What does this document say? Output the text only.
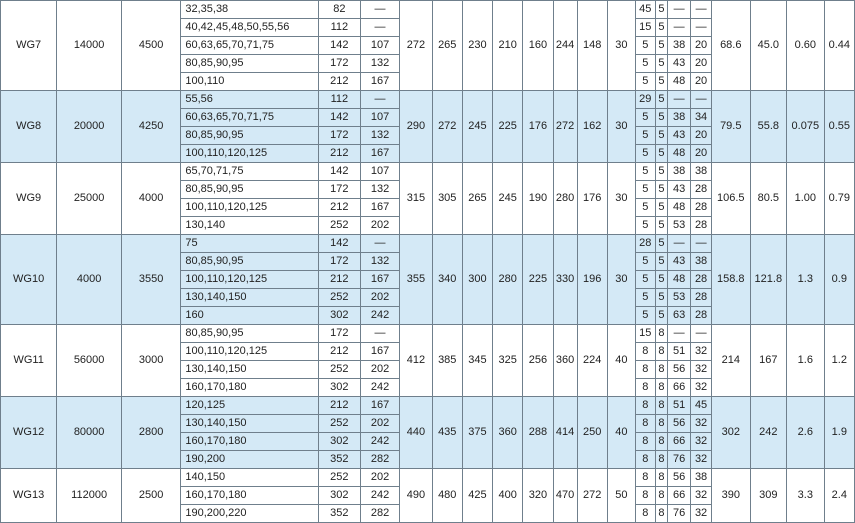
WG7	14000	4500	32,35,38	82	—	272	265	230	210	160	244	148	30	45	5	—	—	68.6	45.0	0.60	0.44
			40,42,45,48,50,55,56	112	—									15	5	—	—				
			60,63,65,70,71,75	142	107									5	5	38	20				
			80,85,90,95	172	132									5	5	43	20				
			100,110	212	167									5	5	48	20				
WG8	20000	4250	55,56	112	—	290	272	245	225	176	272	162	30	29	5	—	—	79.5	55.8	0.075	0.55
			60,63,65,70,71,75	142	107									5	5	38	34				
			80,85,90,95	172	132									5	5	43	20				
			100,110,120,125	212	167									5	5	48	20				
WG9	25000	4000	65,70,71,75	142	107	315	305	265	245	190	280	176	30	5	5	38	38	106.5	80.5	1.00	0.79
			80,85,90,95	172	132									5	5	43	28				
			100,110,120,125	212	167									5	5	48	28				
			130,140	252	202									5	5	53	28				
WG10	4000	3550	75	142	—	355	340	300	280	225	330	196	30	28	5	—	—	158.8	121.8	1.3	0.9
			80,85,90,95	172	132									5	5	43	38				
			100,110,120,125	212	167									5	5	48	28				
			130,140,150	252	202									5	5	53	28				
			160	302	242									5	5	63	28				
WG11	56000	3000	80,85,90,95	172	—	412	385	345	325	256	360	224	40	15	8	—	—	214	167	1.6	1.2
			100,110,120,125	212	167									8	8	51	32				
			130,140,150	252	202									8	8	56	32				
			160,170,180	302	242									8	8	66	32				
WG12	80000	2800	120,125	212	167	440	435	375	360	288	414	250	40	8	8	51	45	302	242	2.6	1.9
			130,140,150	252	202									8	8	56	32				
			160,170,180	302	242									8	8	66	32				
			190,200	352	282									8	8	76	32				
WG13	112000	2500	140,150	252	202	490	480	425	400	320	470	272	50	8	8	56	38	390	309	3.3	2.4
			160,170,180	302	242									8	8	66	32				
			190,200,220	352	282									8	8	76	32				
